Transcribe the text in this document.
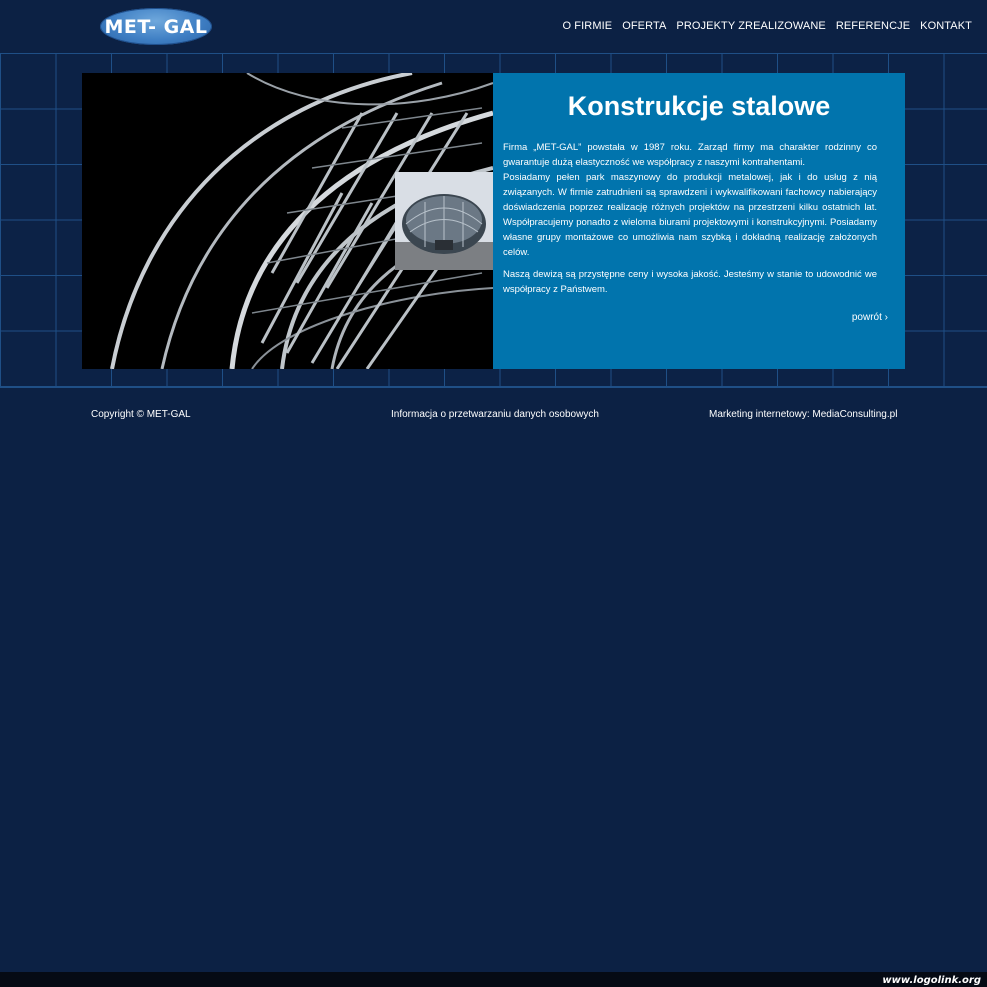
MET- GAL	O FIRMIE OFERTA PROJEKTY ZREALIZOWANE REFERENCJE KONTAKT
Konstrukcje stalowe

Firma „MET-GAL” powstała w 1987 roku. Zarząd firmy ma charakter rodzinny co gwarantuje dużą elastyczność we współpracy z naszymi kontrahentami.
Posiadamy pełen park maszynowy do produkcji metalowej, jak i do usług z nią związanych. W firmie zatrudnieni są sprawdzeni i wykwalifikowani fachowcy nabierający doświadczenia poprzez realizację różnych projektów na przestrzeni kilku ostatnich lat. Współpracujemy ponadto z wieloma biurami projektowymi i konstrukcyjnymi. Posiadamy własne grupy montażowe co umożliwia nam szybką i dokładną realizację założonych celów.

Naszą dewizą są przystępne ceny i wysoka jakość. Jesteśmy w stanie to udowodnić we współpracy z Państwem.

powrót ›
Copyright © MET-GAL	Informacja o przetwarzaniu danych osobowych	Marketing internetowy: MediaConsulting.pl
www.logolink.org
